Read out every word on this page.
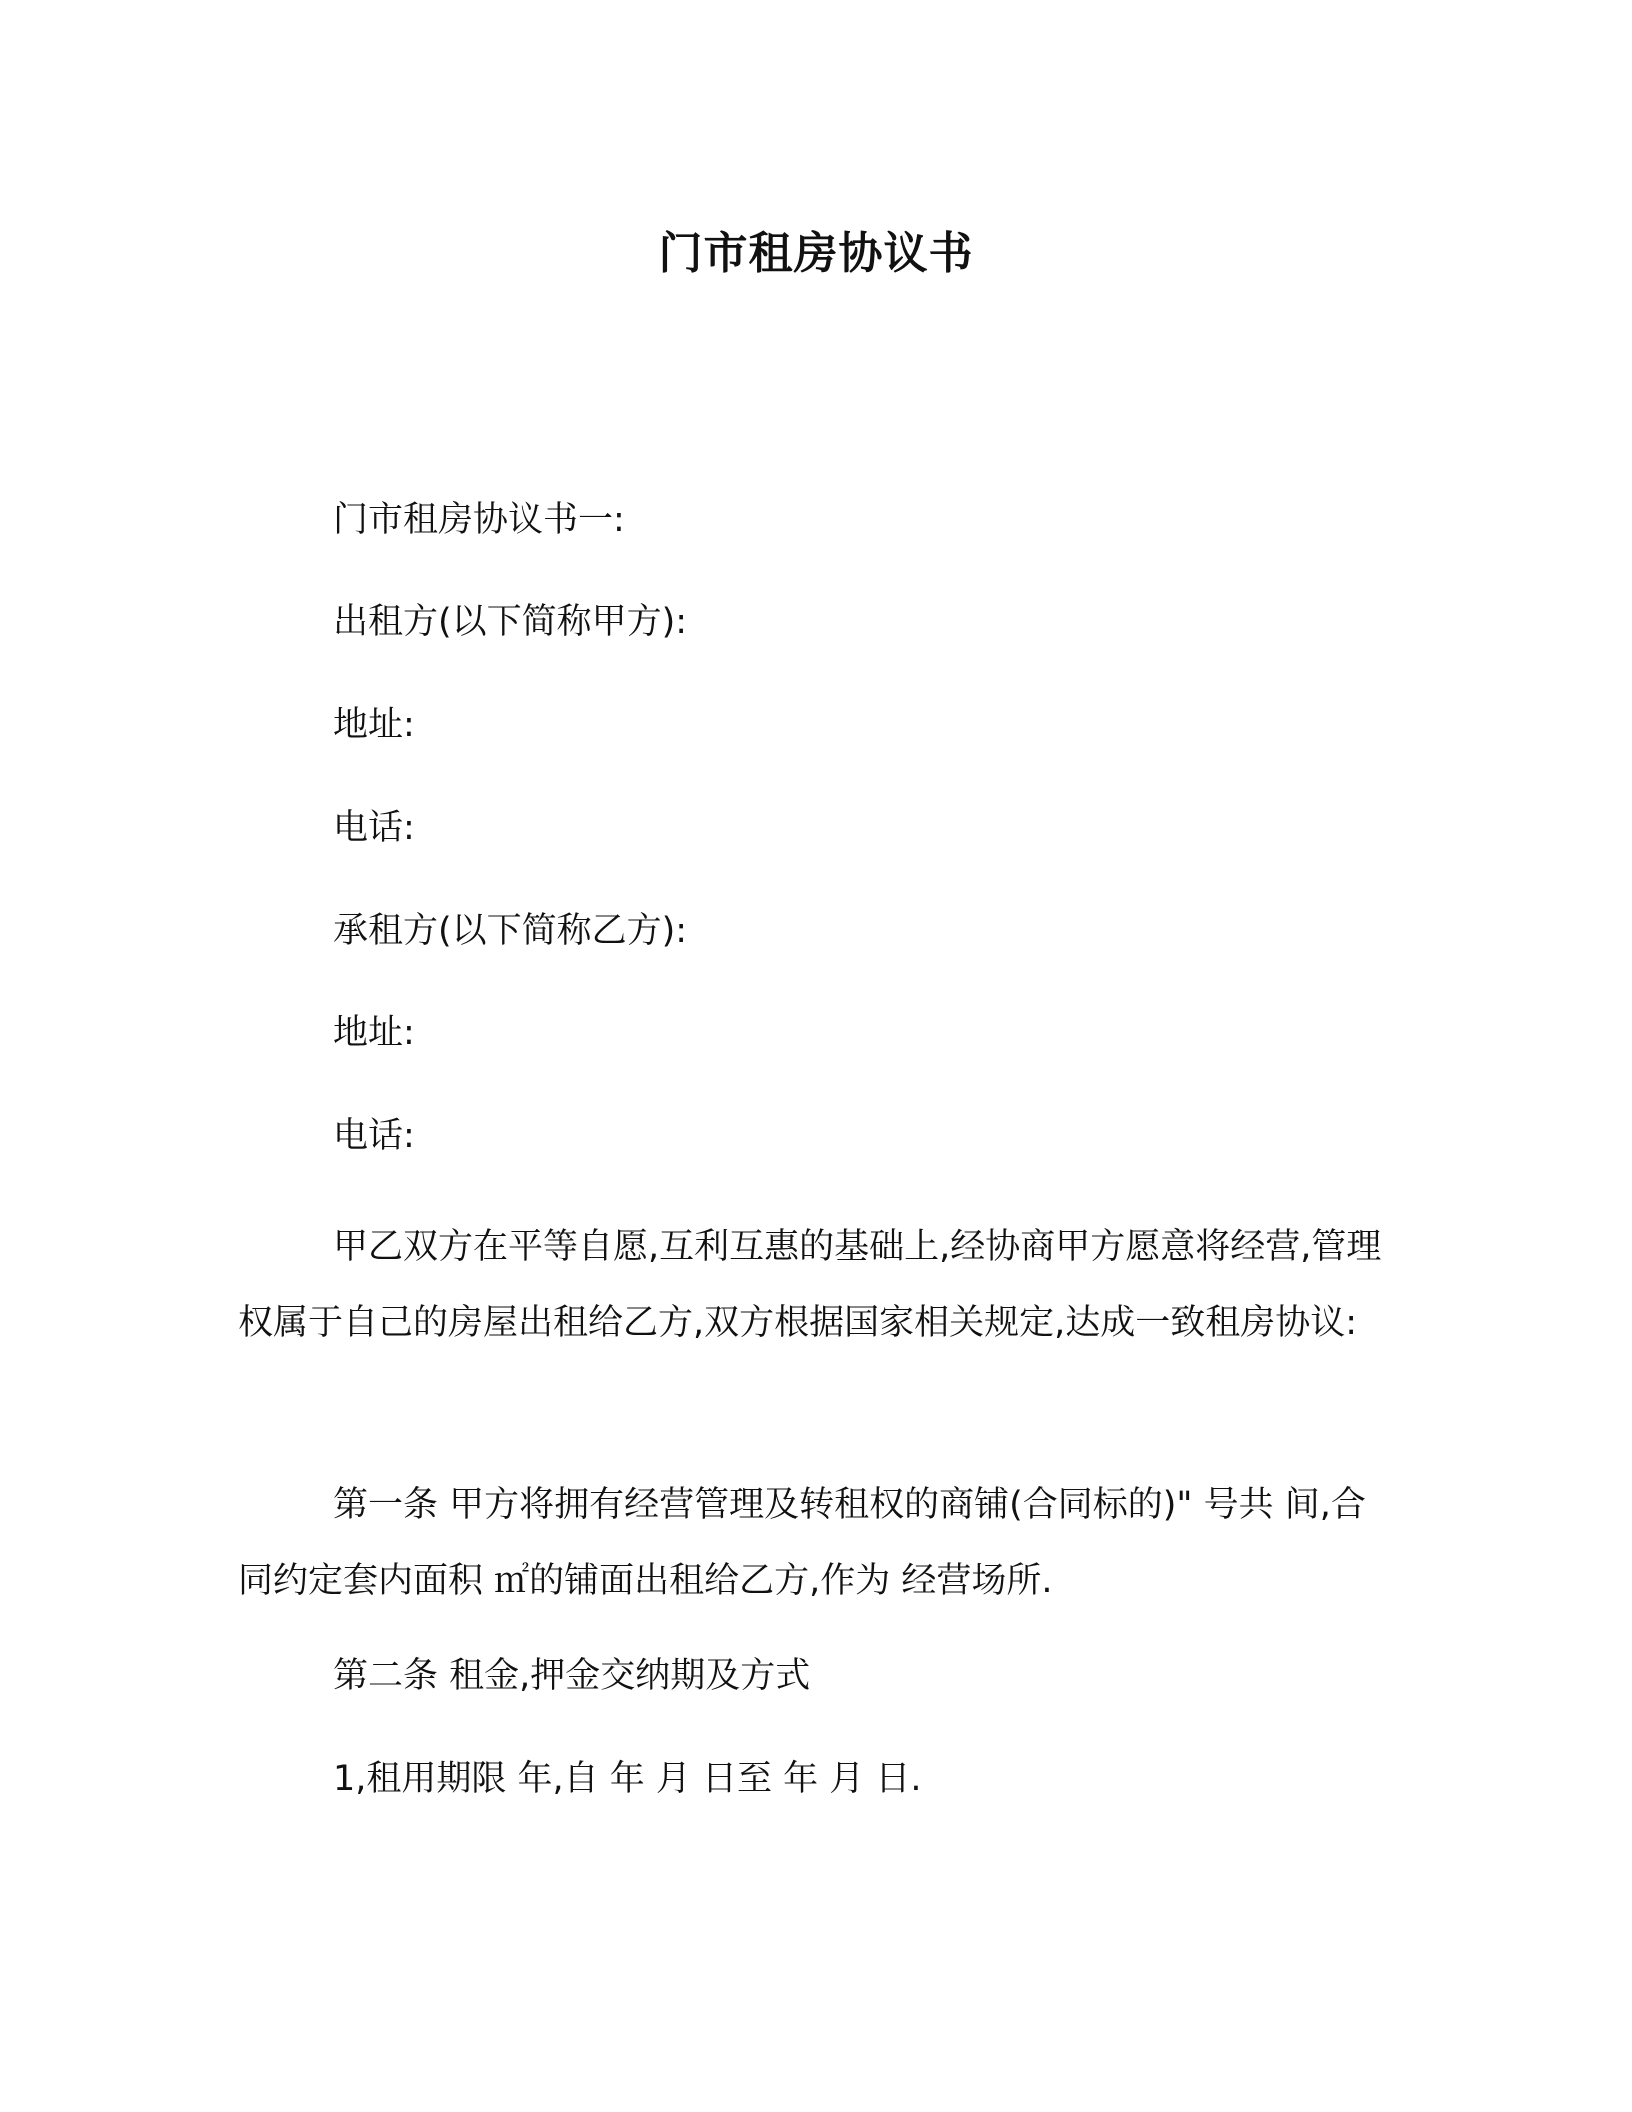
门市租房协议书
门市租房协议书一:
出租方(以下简称甲方):
地址:
电话:
承租方(以下简称乙方):
地址:
电话:
甲乙双方在平等自愿,互利互惠的基础上,经协商甲方愿意将经营,管理权属于自己的房屋出租给乙方,双方根据国家相关规定,达成一致租房协议:
第一条 甲方将拥有经营管理及转租权的商铺(合同标的)" 号共 间,合同约定套内面积 ㎡的铺面出租给乙方,作为 经营场所.
第二条 租金,押金交纳期及方式
1,租用期限 年,自 年 月 日至 年 月 日.
